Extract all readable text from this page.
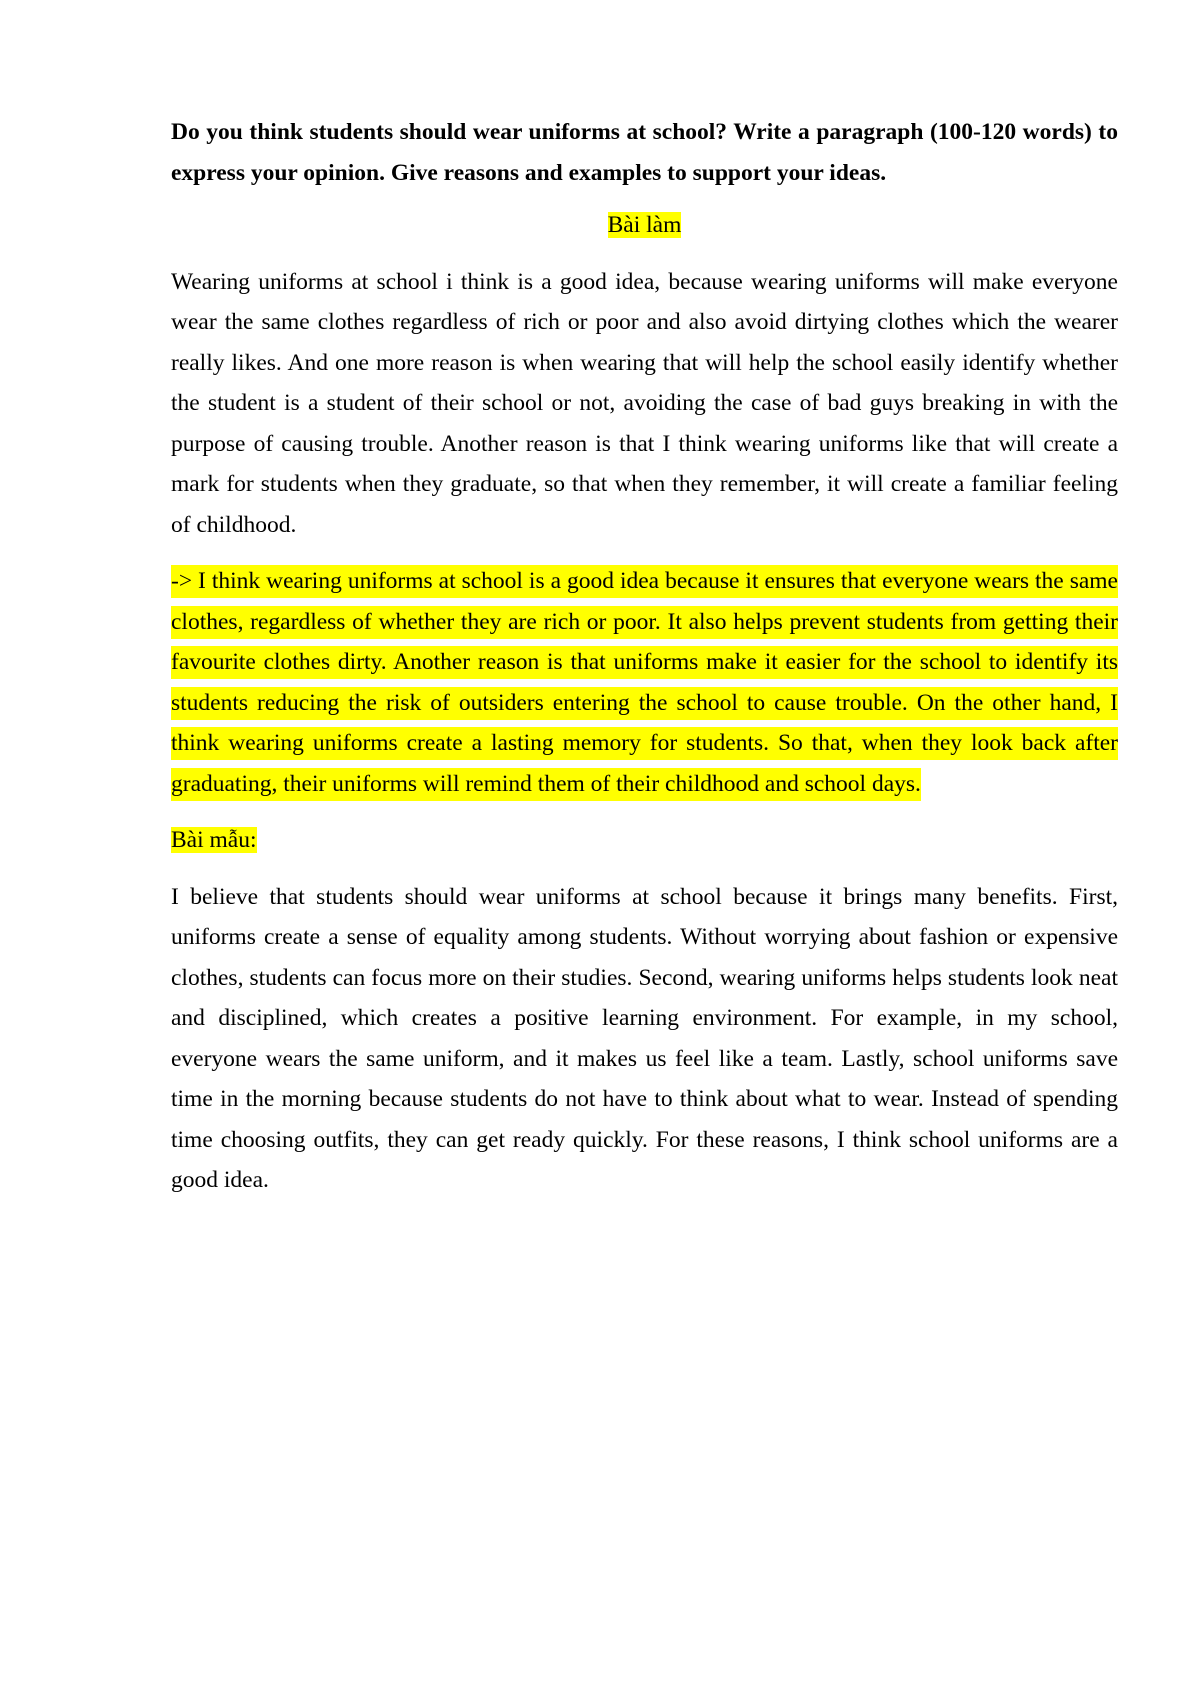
Do you think students should wear uniforms at school? Write a paragraph (100-120 words) to express your opinion. Give reasons and examples to support your ideas.

Bài làm

Wearing uniforms at school i think is a good idea, because wearing uniforms will make everyone wear the same clothes regardless of rich or poor and also avoid dirtying clothes which the wearer really likes. And one more reason is when wearing that will help the school easily identify whether the student is a student of their school or not, avoiding the case of bad guys breaking in with the purpose of causing trouble. Another reason is that I think wearing uniforms like that will create a mark for students when they graduate, so that when they remember, it will create a familiar feeling of childhood.

-> I think wearing uniforms at school is a good idea because it ensures that everyone wears the same clothes, regardless of whether they are rich or poor. It also helps prevent students from getting their favourite clothes dirty. Another reason is that uniforms make it easier for the school to identify its students reducing the risk of outsiders entering the school to cause trouble. On the other hand, I think wearing uniforms create a lasting memory for students. So that, when they look back after graduating, their uniforms will remind them of their childhood and school days.

Bài mẫu:

I believe that students should wear uniforms at school because it brings many benefits. First, uniforms create a sense of equality among students. Without worrying about fashion or expensive clothes, students can focus more on their studies. Second, wearing uniforms helps students look neat and disciplined, which creates a positive learning environment. For example, in my school, everyone wears the same uniform, and it makes us feel like a team. Lastly, school uniforms save time in the morning because students do not have to think about what to wear. Instead of spending time choosing outfits, they can get ready quickly. For these reasons, I think school uniforms are a good idea.
